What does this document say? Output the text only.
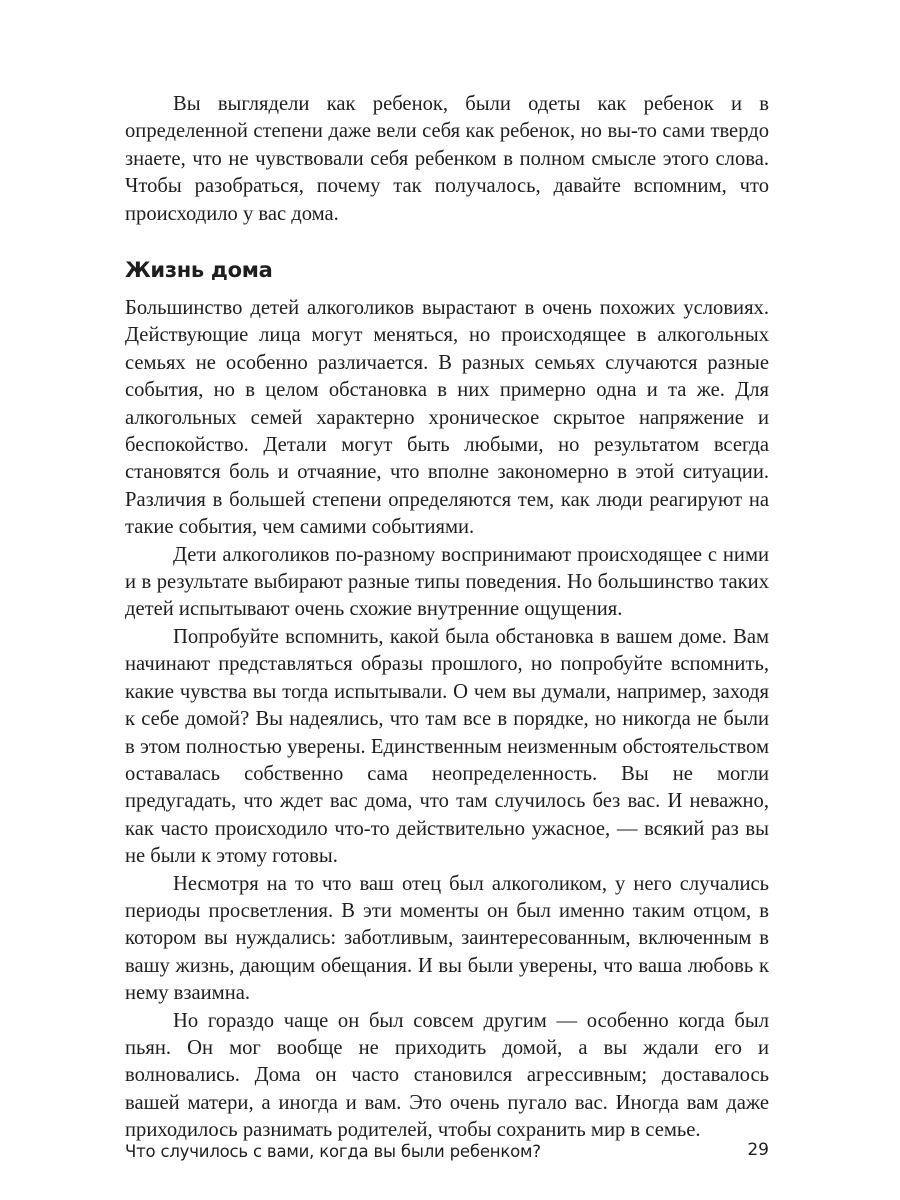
Вы выглядели как ребенок, были одеты как ребенок и в определенной степени даже вели себя как ребенок, но вы-то сами твердо знаете, что не чувствовали себя ребенком в полном смысле этого слова. Чтобы разобраться, почему так получалось, давайте вспомним, что происходило у вас дома.

Жизнь дома

Большинство детей алкоголиков вырастают в очень похожих условиях. Действующие лица могут меняться, но происходящее в алкогольных семьях не особенно различается. В разных семьях случаются разные события, но в целом обстановка в них примерно одна и та же. Для алкогольных семей характерно хроническое скрытое напряжение и беспокойство. Детали могут быть любыми, но результатом всегда становятся боль и отчаяние, что вполне закономерно в этой ситуации. Различия в большей степени определяются тем, как люди реагируют на такие события, чем самими событиями.

Дети алкоголиков по-разному воспринимают происходящее с ними и в результате выбирают разные типы поведения. Но большинство таких детей испытывают очень схожие внутренние ощущения.

Попробуйте вспомнить, какой была обстановка в вашем доме. Вам начинают представляться образы прошлого, но попробуйте вспомнить, какие чувства вы тогда испытывали. О чем вы думали, например, заходя к себе домой? Вы надеялись, что там все в порядке, но никогда не были в этом полностью уверены. Единственным неизменным обстоятельством оставалась собственно сама неопределенность. Вы не могли предугадать, что ждет вас дома, что там случилось без вас. И неважно, как часто происходило что-то действительно ужасное, — всякий раз вы не были к этому готовы.

Несмотря на то что ваш отец был алкоголиком, у него случались периоды просветления. В эти моменты он был именно таким отцом, в котором вы нуждались: заботливым, заинтересованным, включенным в вашу жизнь, дающим обещания. И вы были уверены, что ваша любовь к нему взаимна.

Но гораздо чаще он был совсем другим — особенно когда был пьян. Он мог вообще не приходить домой, а вы ждали его и волновались. Дома он часто становился агрессивным; доставалось вашей матери, а иногда и вам. Это очень пугало вас. Иногда вам даже приходилось разнимать родителей, чтобы сохранить мир в семье.

Что случилось с вами, когда вы были ребенком?	29
